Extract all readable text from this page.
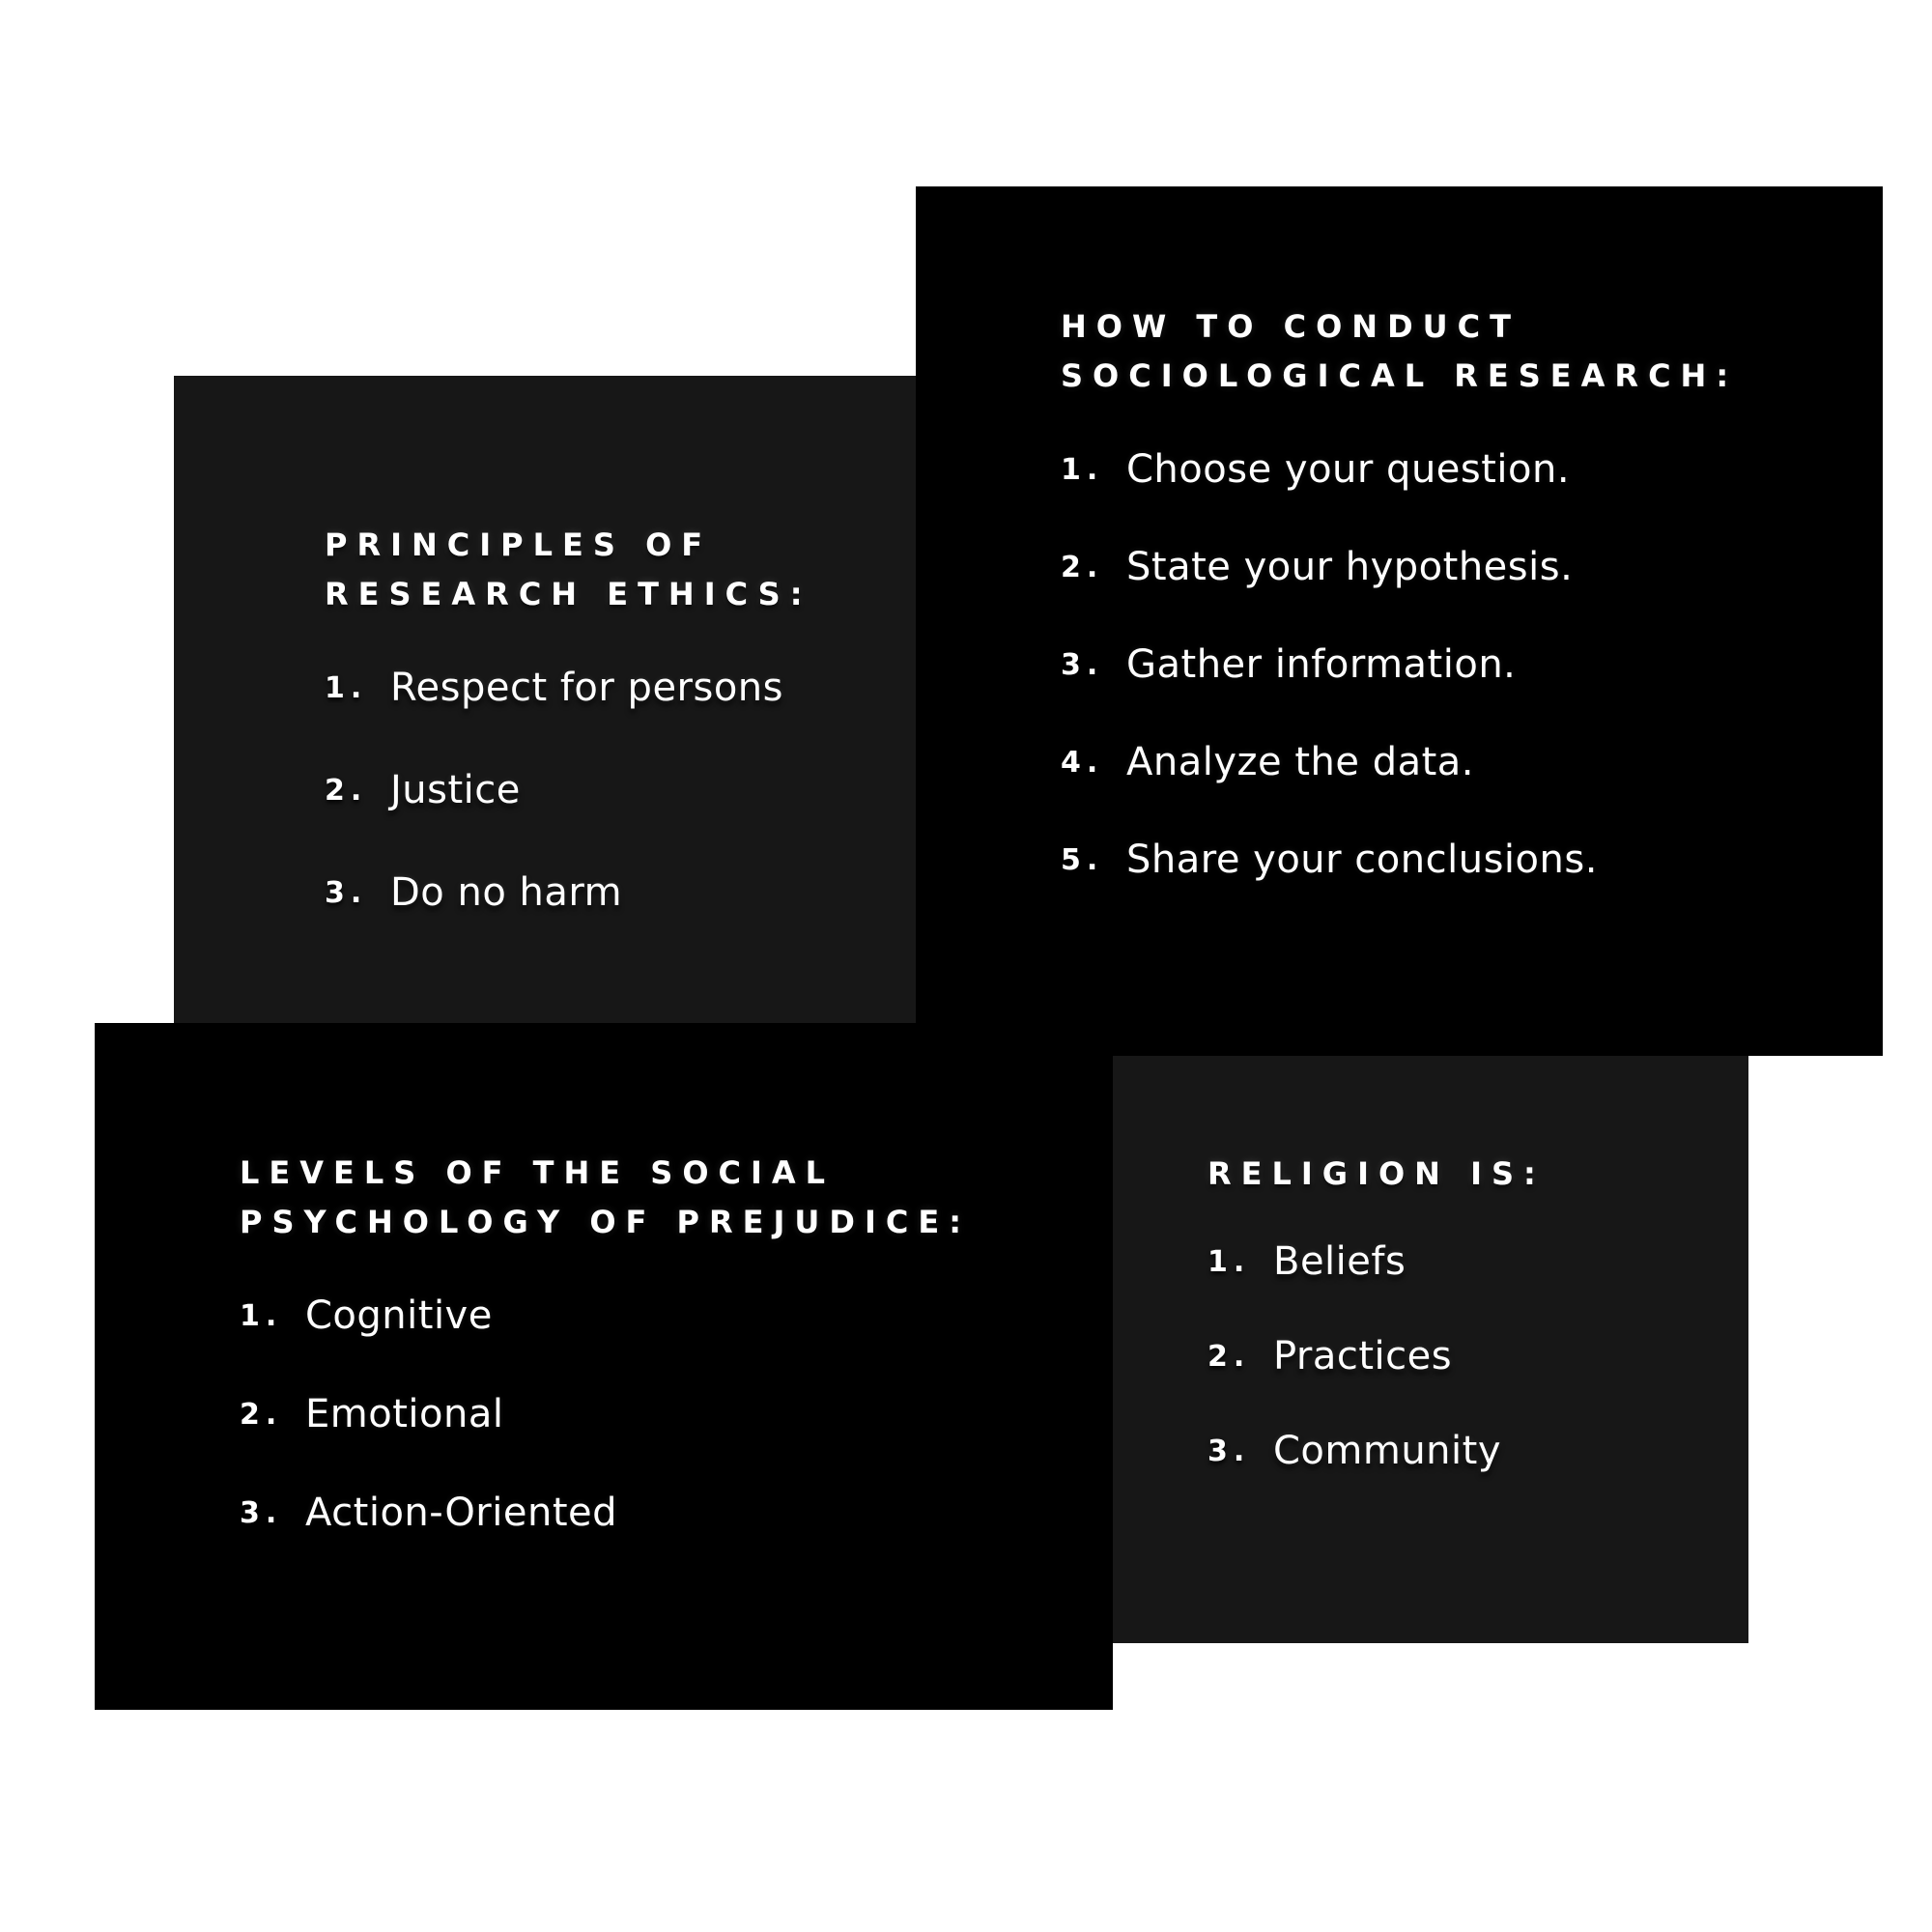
PRINCIPLES OF
RESEARCH ETHICS:
1. Respect for persons
2. Justice
3. Do no harm
HOW TO CONDUCT
SOCIOLOGICAL RESEARCH:
1. Choose your question.
2. State your hypothesis.
3. Gather information.
4. Analyze the data.
5. Share your conclusions.
LEVELS OF THE SOCIAL
PSYCHOLOGY OF PREJUDICE:
1. Cognitive
2. Emotional
3. Action-Oriented
RELIGION IS:
1. Beliefs
2. Practices
3. Community
